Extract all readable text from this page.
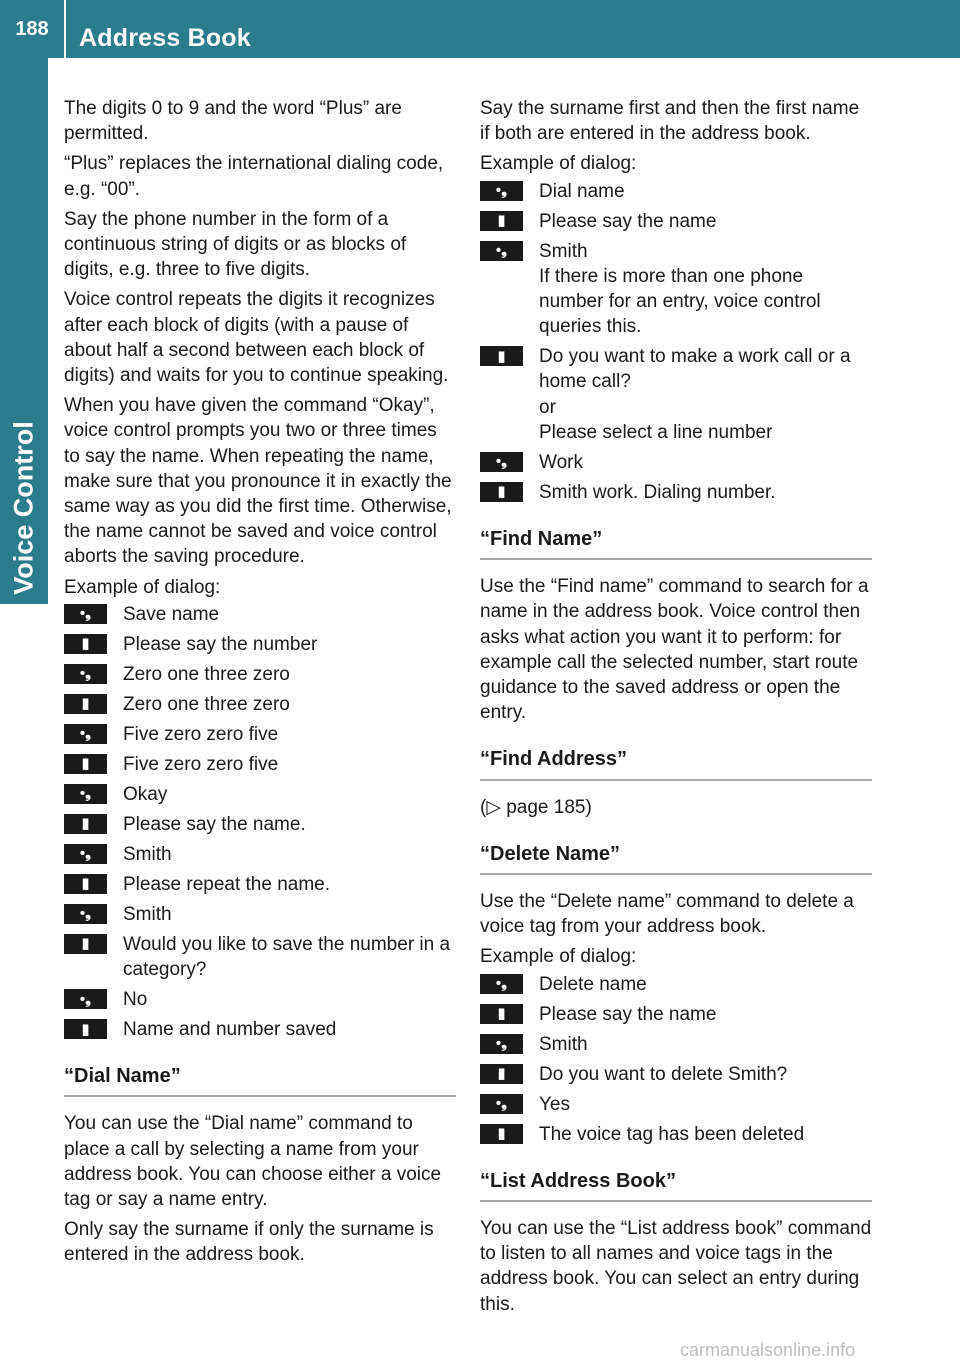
188	Address Book
Voice Control

The digits 0 to 9 and the word “Plus” are permitted.

“Plus” replaces the international dialing code, e.g. “00”.

Say the phone number in the form of a continuous string of digits or as blocks of digits, e.g. three to five digits.

Voice control repeats the digits it recognizes after each block of digits (with a pause of about half a second between each block of digits) and waits for you to continue speaking.

When you have given the command “Okay”, voice control prompts you two or three times to say the name. When repeating the name, make sure that you pronounce it in exactly the same way as you did the first time. Otherwise, the name cannot be saved and voice control aborts the saving procedure.

Example of dialog:

•❟	Save name
▮	Please say the number
•❟	Zero one three zero
▮	Zero one three zero
•❟	Five zero zero five
▮	Five zero zero five
•❟	Okay
▮	Please say the name.
•❟	Smith
▮	Please repeat the name.
•❟	Smith
▮	Would you like to save the number in a category?
•❟	No
▮	Name and number saved
“Dial Name”

You can use the “Dial name” command to place a call by selecting a name from your address book. You can choose either a voice tag or say a name entry.

Only say the surname if only the surname is entered in the address book.

Say the surname first and then the first name if both are entered in the address book.

Example of dialog:

•❟	Dial name
▮	Please say the name
•❟	Smith
If there is more than one phone number for an entry, voice control queries this.
▮	Do you want to make a work call or a home call?
or
Please select a line number
•❟	Work
▮	Smith work. Dialing number.
“Find Name”

Use the “Find name” command to search for a name in the address book. Voice control then asks what action you want it to perform: for example call the selected number, start route guidance to the saved address or open the entry.

“Find Address”

(▷ page 185)

“Delete Name”

Use the “Delete name” command to delete a voice tag from your address book.

Example of dialog:

•❟	Delete name
▮	Please say the name
•❟	Smith
▮	Do you want to delete Smith?
•❟	Yes
▮	The voice tag has been deleted
“List Address Book”

You can use the “List address book” command to listen to all names and voice tags in the address book. You can select an entry during this.

carmanualsonline.info
